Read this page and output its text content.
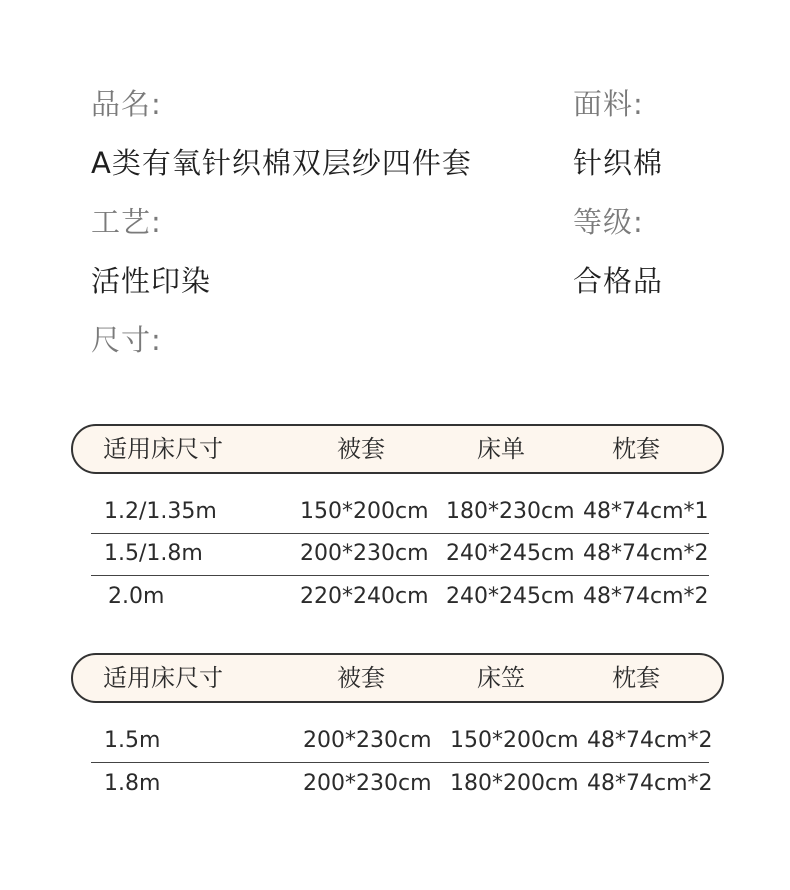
品名:	面料:
A类有氧针织棉双层纱四件套	针织棉
工艺:	等级:
活性印染	合格品
尺寸:
适用床尺寸	被套	床单	枕套
1.2/1.35m	150*200cm 180*230cm 48*74cm*1
1.5/1.8m	200*230cm 240*245cm 48*74cm*2
2.0m	220*240cm 240*245cm 48*74cm*2
适用床尺寸	被套	床笠	枕套
1.5m	200*230cm 150*200cm 48*74cm*2
1.8m	200*230cm 180*200cm 48*74cm*2
